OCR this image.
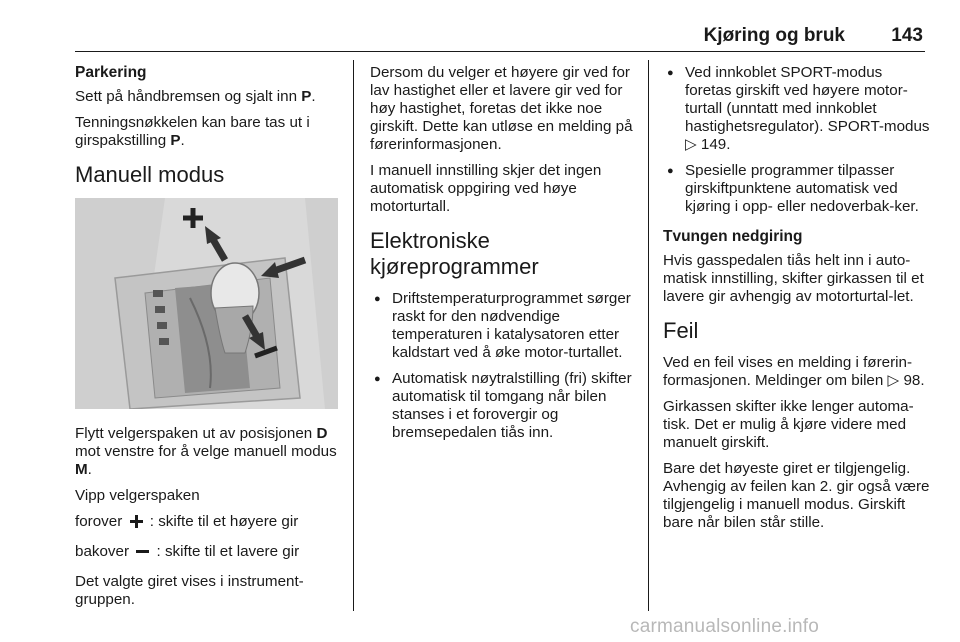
Kjøring og bruk 143
Parkering

Sett på håndbremsen og sjalt inn P.

Tenningsnøkkelen kan bare tas ut i girspakstilling P.

Manuell modus

Flytt velgerspaken ut av posisjonen D mot venstre for å velge manuell modus M.

Vipp velgerspaken

forover : skifte til et høyere gir

bakover : skifte til et lavere gir

Det valgte giret vises i instrument-gruppen.

Dersom du velger et høyere gir ved for lav hastighet eller et lavere gir ved for høy hastighet, foretas det ikke noe girskift. Dette kan utløse en melding på førerinformasjonen.

I manuell innstilling skjer det ingen automatisk oppgiring ved høye motorturtall.

Elektroniske kjøreprogrammer
● Driftstemperaturprogrammet sørger raskt for den nødvendige temperaturen i katalysatoren etter kaldstart ved å øke motor-turtallet.
● Automatisk nøytralstilling (fri) skifter automatisk til tomgang når bilen stanses i et forovergir og bremsepedalen tiås inn.
● Ved innkoblet SPORT-modus foretas girskift ved høyere motor-turtall (unntatt med innkoblet hastighetsregulator). SPORT-modus ▷ 149.
● Spesielle programmer tilpasser girskiftpunktene automatisk ved kjøring i opp- eller nedoverbak-ker.
Tvungen nedgiring

Hvis gasspedalen tiås helt inn i auto-matisk innstilling, skifter girkassen til et lavere gir avhengig av motorturtal-let.

Feil

Ved en feil vises en melding i førerin-formasjonen. Meldinger om bilen ▷ 98.

Girkassen skifter ikke lenger automa-tisk. Det er mulig å kjøre videre med manuelt girskift.

Bare det høyeste giret er tilgjengelig. Avhengig av feilen kan 2. gir også være tilgjengelig i manuell modus. Girskift bare når bilen står stille.

carmanualsonline.info
